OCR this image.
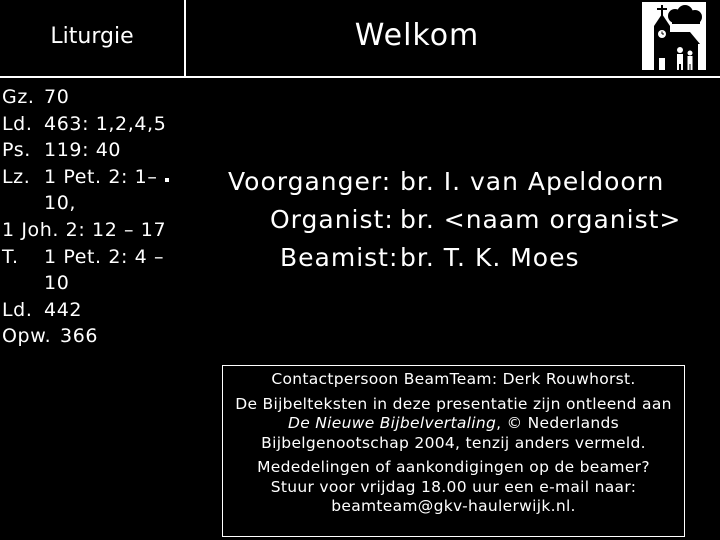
Liturgie	Welkom
Gz. 70
Ld. 463: 1,2,4,5
Ps. 119: 40
Lz. 1 Pet. 2: 1–
10,
1 Joh. 2: 12 – 17
T. 1 Pet. 2: 4 –
10
Ld. 442
Opw. 366
Voorganger: br. I. van Apeldoorn
Organist: br. <naam organist>
Beamist: br. T. K. Moes

Contactpersoon BeamTeam: Derk Rouwhorst.

De Bijbelteksten in deze presentatie zijn ontleend aan De Nieuwe Bijbelvertaling, © Nederlands Bijbelgenootschap 2004, tenzij anders vermeld.

Mededelingen of aankondigingen op de beamer?
Stuur voor vrijdag 18.00 uur een e-mail naar:
beamteam@gkv-haulerwijk.nl.
